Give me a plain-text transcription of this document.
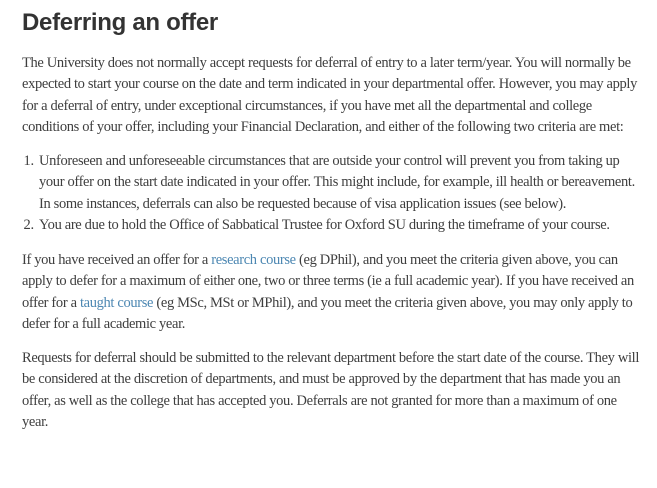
Deferring an offer

The University does not normally accept requests for deferral of entry to a later term/year. You will normally be expected to start your course on the date and term indicated in your departmental offer. However, you may apply for a deferral of entry, under exceptional circumstances, if you have met all the departmental and college conditions of your offer, including your Financial Declaration, and either of the following two criteria are met:

1. Unforeseen and unforeseeable circumstances that are outside your control will prevent you from taking up your offer on the start date indicated in your offer. This might include, for example, ill health or bereavement. In some instances, deferrals can also be requested because of visa application issues (see below).
2. You are due to hold the Office of Sabbatical Trustee for Oxford SU during the timeframe of your course.

If you have received an offer for a research course (eg DPhil), and you meet the criteria given above, you can apply to defer for a maximum of either one, two or three terms (ie a full academic year). If you have received an offer for a taught course (eg MSc, MSt or MPhil), and you meet the criteria given above, you may only apply to defer for a full academic year.

Requests for deferral should be submitted to the relevant department before the start date of the course. They will be considered at the discretion of departments, and must be approved by the department that has made you an offer, as well as the college that has accepted you. Deferrals are not granted for more than a maximum of one year.
